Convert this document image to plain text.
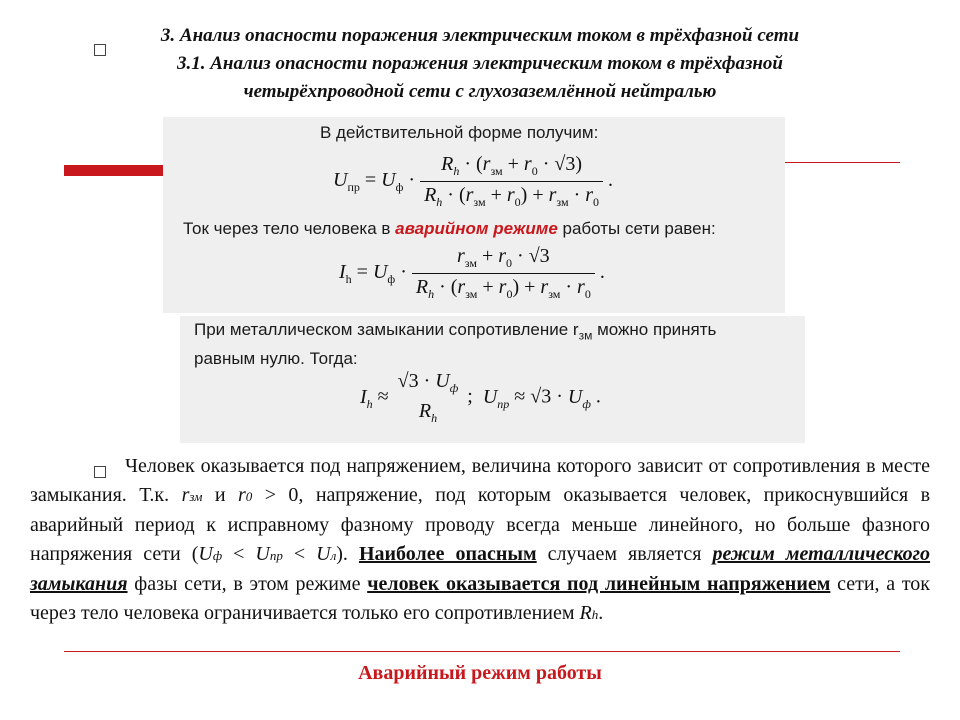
3. Анализ опасности поражения электрическим током в трёхфазной сети
3.1. Анализ опасности поражения электрическим током в трёхфазной
четырёхпроводной сети с глухозаземлённой нейтралью
В действительной форме получим:
$U_{пр} = U_ф \cdot \frac{R_h \cdot (r_{зм} + r_0 \cdot √3)}{R_h \cdot (r_{зм} + r_0) + r_{зм} \cdot r_0}$ .
Ток через тело человека в аварийном режиме работы сети равен:
$I_h = U_ф \cdot \frac{r_{зм} + r_0 \cdot √3}{R_h \cdot (r_{зм} + r_0) + r_{зм} \cdot r_0}$ .
При металлическом замыкании сопротивление $r_{зм}$ можно принять
равным нулю. Тогда:
$I_h$ ≈
$√3 \cdot U_ф$
$R_h$
;  $U_{пр} \approx √3 \cdot U_ф$ .

Человек оказывается под напряжением, величина которого зависит от сопротивления в месте замыкания. Т.к. rзм и r0 > 0, напряжение, под которым оказывается человек, прикоснувшийся в аварийный период к исправному фазному проводу всегда меньше линейного, но больше фазного напряжения сети (Uф < Uпр < Uл). Наиболее опасным случаем является режим металлического замыкания фазы сети, в этом режиме человек оказывается под линейным напряжением сети, а ток через тело человека ограничивается только его сопротивлением Rh.

Аварийный режим работы
